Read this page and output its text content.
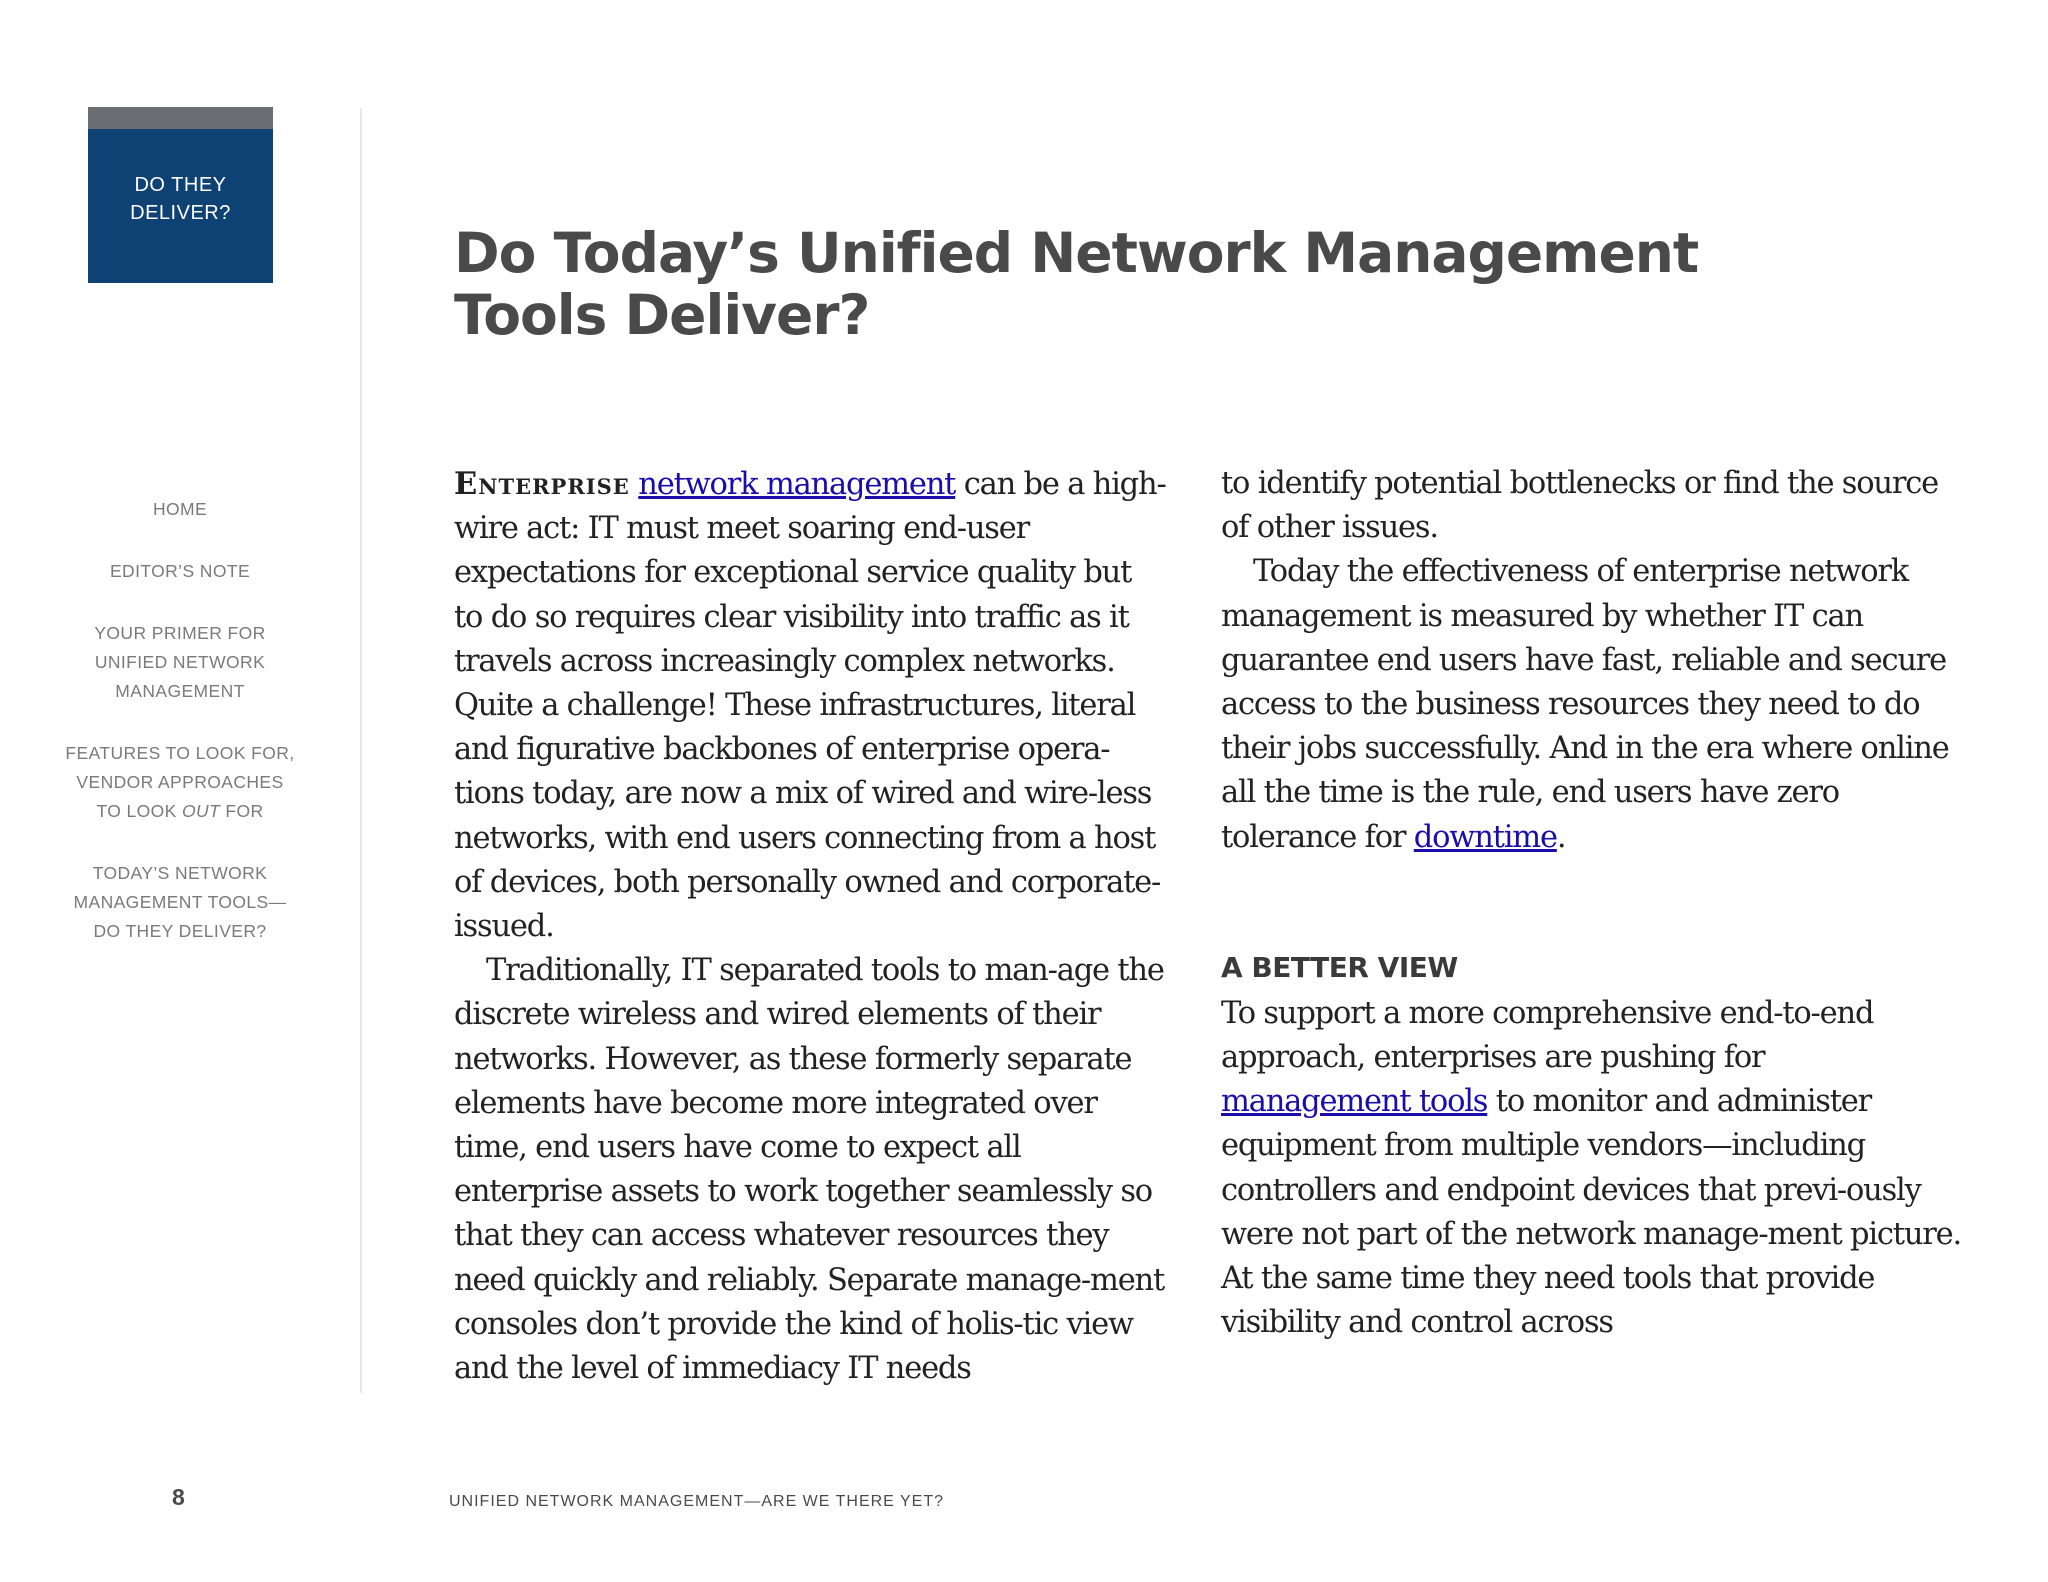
DO THEY
DELIVER?
HOME
EDITOR’S NOTE
YOUR PRIMER FOR
UNIFIED NETWORK
MANAGEMENT
FEATURES TO LOOK FOR,
VENDOR APPROACHES
TO LOOK OUT FOR
TODAY’S NETWORK
MANAGEMENT TOOLS—
DO THEY DELIVER?
Do Today’s Unified Network Management
Tools Deliver?

Enterprise network management can be a high-wire act: IT must meet soaring end-user expectations for exceptional service quality but to do so requires clear visibility into traffic as it travels across increasingly complex networks. Quite a challenge! These infrastructures, literal and figurative backbones of enterprise opera-tions today, are now a mix of wired and wire-less networks, with end users connecting from a host of devices, both personally owned and corporate-issued.

Traditionally, IT separated tools to man-age the discrete wireless and wired elements of their networks. However, as these formerly separate elements have become more integrated over time, end users have come to expect all enterprise assets to work together seamlessly so that they can access whatever resources they need quickly and reliably. Separate manage-ment consoles don’t provide the kind of holis-tic view and the level of immediacy IT needs

to identify potential bottlenecks or find the source of other issues.

Today the effectiveness of enterprise network management is measured by whether IT can guarantee end users have fast, reliable and secure access to the business resources they need to do their jobs successfully. And in the era where online all the time is the rule, end users have zero tolerance for downtime.

A BETTER VIEW

To support a more comprehensive end-to-end approach, enterprises are pushing for management tools to monitor and administer equipment from multiple vendors—including controllers and endpoint devices that previ-ously were not part of the network manage-ment picture. At the same time they need tools that provide visibility and control across

8	UNIFIED NETWORK MANAGEMENT—ARE WE THERE YET?
